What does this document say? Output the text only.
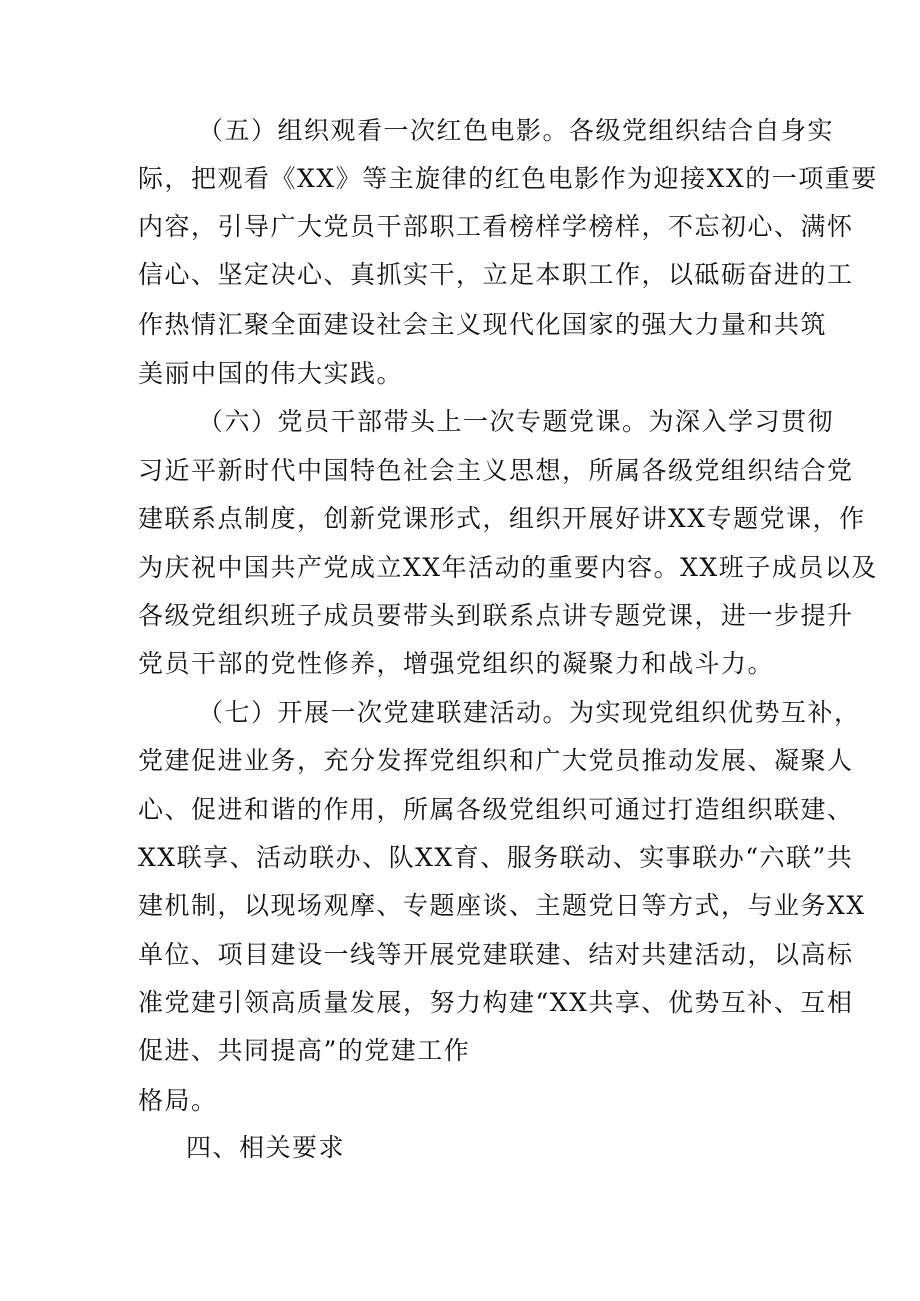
（五）组织观看一次红色电影。各级党组织结合自身实
际，把观看《XX》等主旋律的红色电影作为迎接XX的一项重要
内容，引导广大党员干部职工看榜样学榜样，不忘初心、满怀
信心、坚定决心、真抓实干，立足本职工作，以砥砺奋进的工
作热情汇聚全面建设社会主义现代化国家的强大力量和共筑
美丽中国的伟大实践。
（六）党员干部带头上一次专题党课。为深入学习贯彻
习近平新时代中国特色社会主义思想，所属各级党组织结合党
建联系点制度，创新党课形式，组织开展好讲XX专题党课，作
为庆祝中国共产党成立XX年活动的重要内容。XX班子成员以及
各级党组织班子成员要带头到联系点讲专题党课，进一步提升
党员干部的党性修养，增强党组织的凝聚力和战斗力。
（七）开展一次党建联建活动。为实现党组织优势互补，
党建促进业务，充分发挥党组织和广大党员推动发展、凝聚人
心、促进和谐的作用，所属各级党组织可通过打造组织联建、
XX联享、活动联办、队XX育、服务联动、实事联办“六联”共
建机制，以现场观摩、专题座谈、主题党日等方式，与业务XX
单位、项目建设一线等开展党建联建、结对共建活动，以高标
准党建引领高质量发展，努力构建“XX共享、优势互补、互相
促进、共同提高”的党建工作
格局。
四、相关要求
